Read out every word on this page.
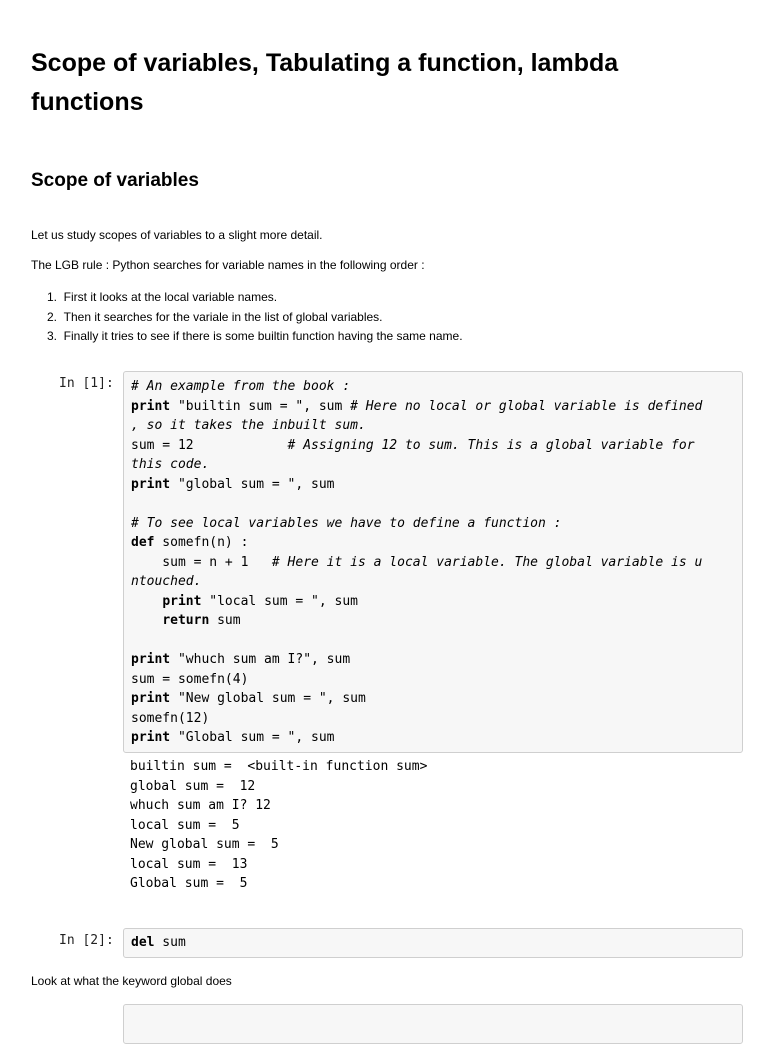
Scope of variables, Tabulating a function, lambda functions
Scope of variables

Let us study scopes of variables to a slight more detail.

The LGB rule : Python searches for variable names in the following order :

1. First it looks at the local variable names.
2. Then it searches for the variale in the list of global variables.
3. Finally it tries to see if there is some builtin function having the same name.
In [1]: # An example from the book :
print "builtin sum = ", sum # Here no local or global variable is defined
, so it takes the inbuilt sum.
sum = 12            # Assigning 12 to sum. This is a global variable for
this code.
print "global sum = ", sum
# To see local variables we have to define a function :
def somefn(n) :
sum = n + 1   # Here it is a local variable. The global variable is u
ntouched.
print "local sum = ", sum
return sum
print "whuch sum am I?", sum
sum = somefn(4)
print "New global sum = ", sum
somefn(12)
print "Global sum = ", sum
builtin sum =  <built-in function sum>
global sum =  12
whuch sum am I? 12
local sum =  5
New global sum =  5
local sum =  13
Global sum =  5
In [2]: del sum

Look at what the keyword global does
